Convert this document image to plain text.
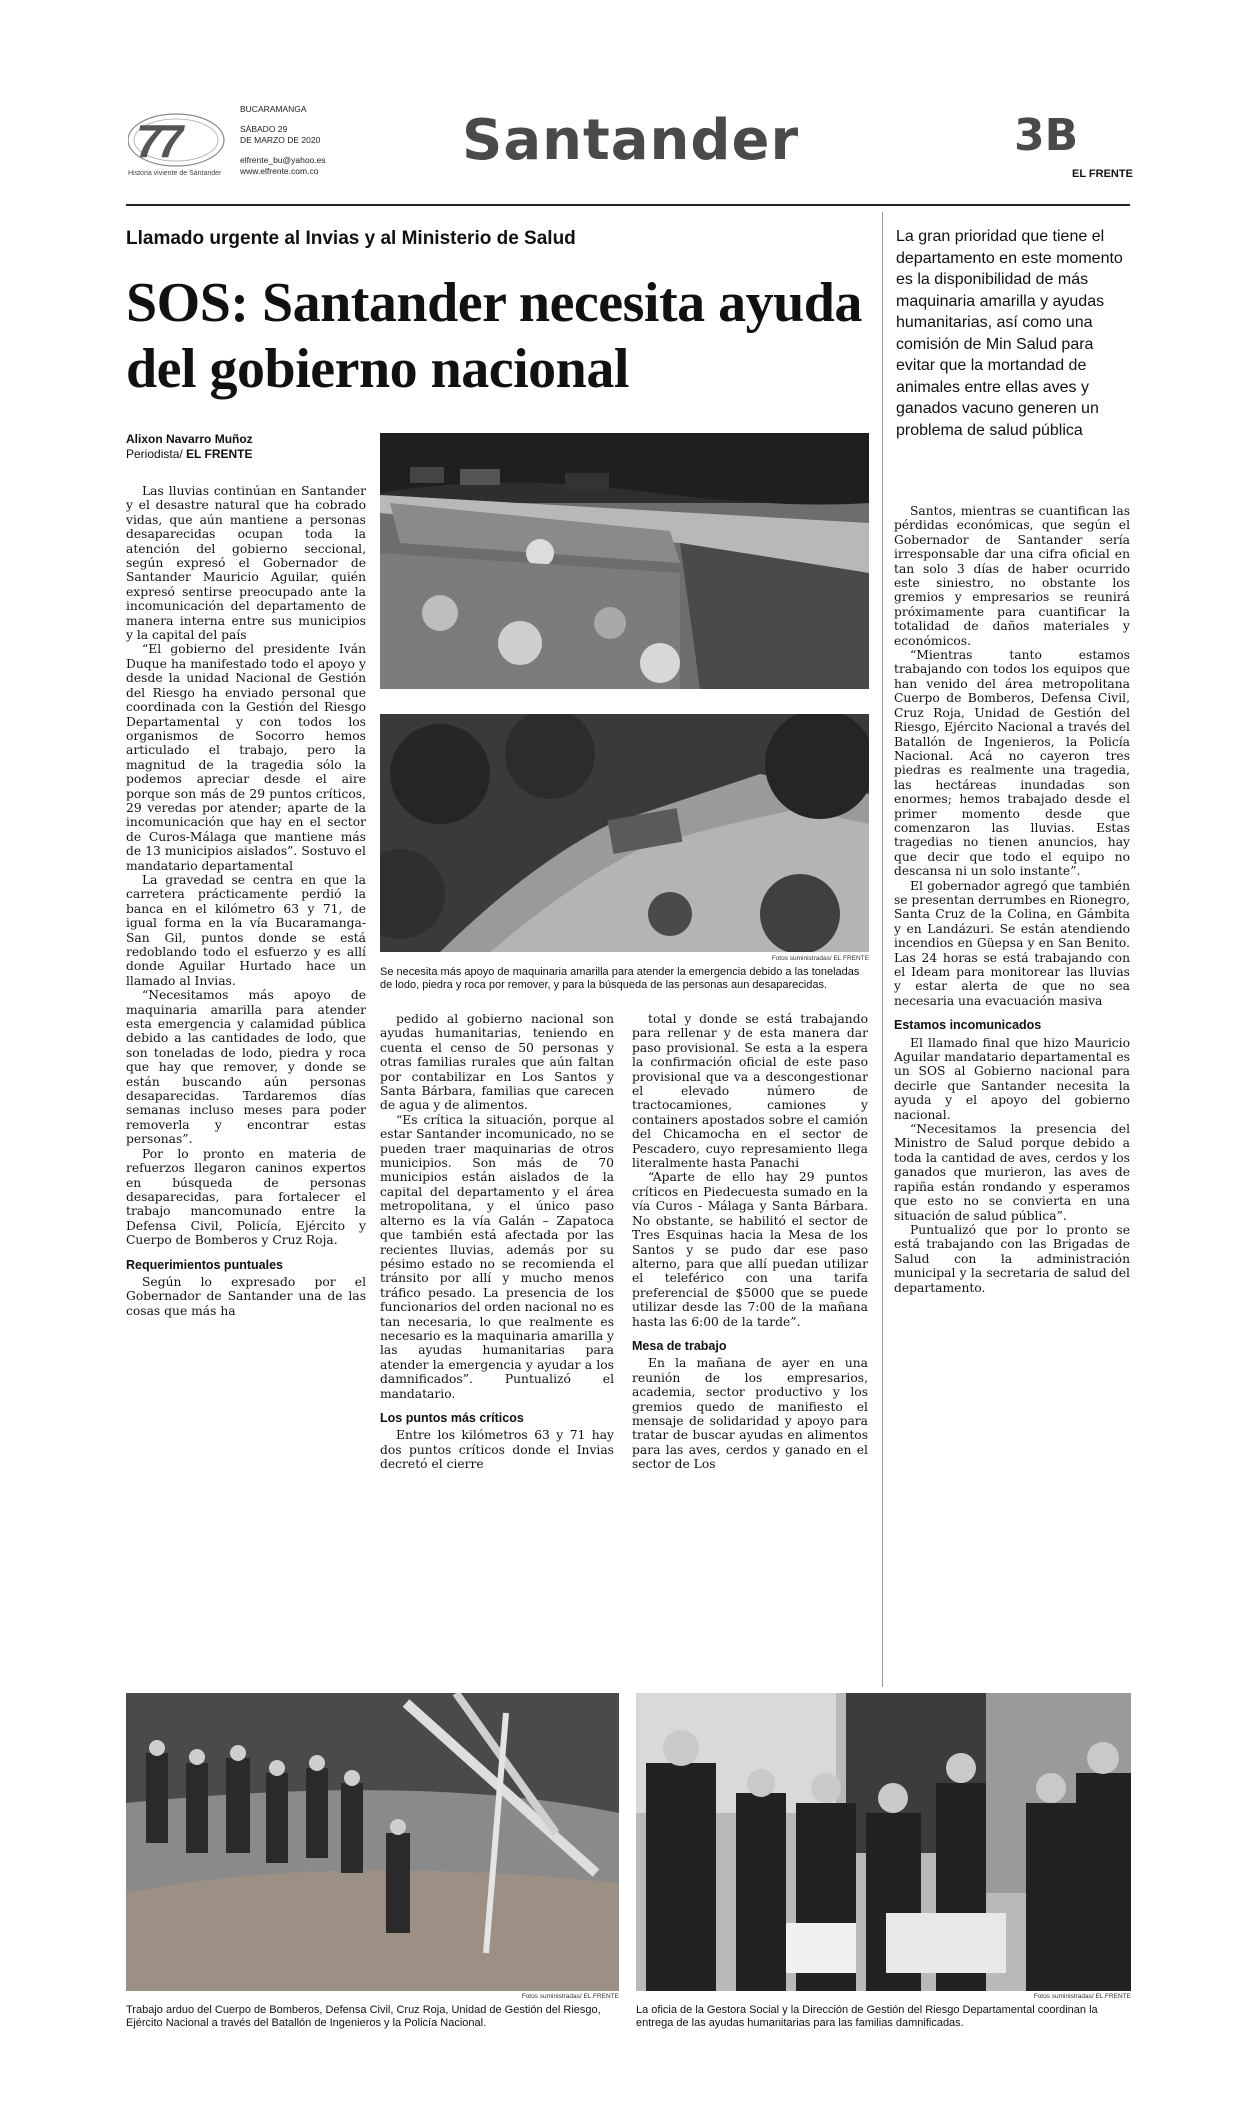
77
Historia viviente de Santander
BUCARAMANGA
SÁBADO 29
DE MARZO DE 2020
elfrente_bu@yahoo.es
www.elfrente.com.co	Santander	3B
EL FRENTE
Llamado urgente al Invias y al Ministerio de Salud
SOS: Santander necesita ayuda del gobierno nacional
La gran prioridad que tiene el departamento en este momento es la disponibilidad de más maquinaria amarilla y ayudas humanitarias, así como una comisión de Min Salud para evitar que la mortandad de animales entre ellas aves y ganados vacuno generen un problema de salud pública
Alixon Navarro Muñoz
Periodista/ EL FRENTE

Las lluvias continúan en Santander y el desastre natural que ha cobrado vidas, que aún mantiene a personas desaparecidas ocupan toda la atención del gobierno seccional, según expresó el Gobernador de Santander Mauricio Aguilar, quién expresó sentirse preocupado ante la incomunicación del departamento de manera interna entre sus municipios y la capital del país

“El gobierno del presidente Iván Duque ha manifestado todo el apoyo y desde la unidad Nacional de Gestión del Riesgo ha enviado personal que coordinada con la Gestión del Riesgo Departamental y con todos los organismos de Socorro hemos articulado el trabajo, pero la magnitud de la tragedia sólo la podemos apreciar desde el aire porque son más de 29 puntos críticos, 29 veredas por atender; aparte de la incomunicación que hay en el sector de Curos-Málaga que mantiene más de 13 municipios aislados”. Sostuvo el mandatario departamental

La gravedad se centra en que la carretera prácticamente perdió la banca en el kilómetro 63 y 71, de igual forma en la vía Bucaramanga-San Gil, puntos donde se está redoblando todo el esfuerzo y es allí donde Aguilar Hurtado hace un llamado al Invias.

“Necesitamos más apoyo de maquinaria amarilla para atender esta emergencia y calamidad pública debido a las cantidades de lodo, que son toneladas de lodo, piedra y roca que hay que remover, y donde se están buscando aún personas desaparecidas. Tardaremos días semanas incluso meses para poder removerla y encontrar estas personas”.

Por lo pronto en materia de refuerzos llegaron caninos expertos en búsqueda de personas desaparecidas, para fortalecer el trabajo mancomunado entre la Defensa Civil, Policía, Ejército y Cuerpo de Bomberos y Cruz Roja.

Requerimientos puntuales

Según lo expresado por el Gobernador de Santander una de las cosas que más ha

Fotos suministradas/ EL FRENTE
Se necesita más apoyo de maquinaria amarilla para atender la emergencia debido a las toneladas de lodo, piedra y roca por remover, y para la búsqueda de las personas aun desaparecidas.

pedido al gobierno nacional son ayudas humanitarias, teniendo en cuenta el censo de 50 personas y otras familias rurales que aún faltan por contabilizar en Los Santos y Santa Bárbara, familias que carecen de agua y de alimentos.

“Es crítica la situación, porque al estar Santander incomunicado, no se pueden traer maquinarias de otros municipios. Son más de 70 municipios están aislados de la capital del departamento y el área metropolitana, y el único paso alterno es la vía Galán – Zapatoca que también está afectada por las recientes lluvias, además por su pésimo estado no se recomienda el tránsito por allí y mucho menos tráfico pesado. La presencia de los funcionarios del orden nacional no es tan necesaria, lo que realmente es necesario es la maquinaria amarilla y las ayudas humanitarias para atender la emergencia y ayudar a los damnificados”. Puntualizó el mandatario.

Los puntos más críticos

Entre los kilómetros 63 y 71 hay dos puntos críticos donde el Invias decretó el cierre

total y donde se está trabajando para rellenar y de esta manera dar paso provisional. Se esta a la espera la confirmación oficial de este paso provisional que va a descongestionar el elevado número de tractocamiones, camiones y containers apostados sobre el camión del Chicamocha en el sector de Pescadero, cuyo represamiento llega literalmente hasta Panachi

“Aparte de ello hay 29 puntos críticos en Piedecuesta sumado en la vía Curos - Málaga y Santa Bárbara. No obstante, se habilitó el sector de Tres Esquinas hacia la Mesa de los Santos y se pudo dar ese paso alterno, para que allí puedan utilizar el teleférico con una tarifa preferencial de $5000 que se puede utilizar desde las 7:00 de la mañana hasta las 6:00 de la tarde”.

Mesa de trabajo

En la mañana de ayer en una reunión de los empresarios, academia, sector productivo y los gremios quedo de manifiesto el mensaje de solidaridad y apoyo para tratar de buscar ayudas en alimentos para las aves, cerdos y ganado en el sector de Los

Santos, mientras se cuantifican las pérdidas económicas, que según el Gobernador de Santander sería irresponsable dar una cifra oficial en tan solo 3 días de haber ocurrido este siniestro, no obstante los gremios y empresarios se reunirá próximamente para cuantificar la totalidad de daños materiales y económicos.

“Mientras tanto estamos trabajando con todos los equipos que han venido del área metropolitana Cuerpo de Bomberos, Defensa Civil, Cruz Roja, Unidad de Gestión del Riesgo, Ejército Nacional a través del Batallón de Ingenieros, la Policía Nacional. Acá no cayeron tres piedras es realmente una tragedia, las hectáreas inundadas son enormes; hemos trabajado desde el primer momento desde que comenzaron las lluvias. Estas tragedias no tienen anuncios, hay que decir que todo el equipo no descansa ni un solo instante”.

El gobernador agregó que también se presentan derrumbes en Rionegro, Santa Cruz de la Colina, en Gámbita y en Landázuri. Se están atendiendo incendios en Güepsa y en San Benito. Las 24 horas se está trabajando con el Ideam para monitorear las lluvias y estar alerta de que no sea necesaria una evacuación masiva

Estamos incomunicados

El llamado final que hizo Mauricio Aguilar mandatario departamental es un SOS al Gobierno nacional para decirle que Santander necesita la ayuda y el apoyo del gobierno nacional.

“Necesitamos la presencia del Ministro de Salud porque debido a toda la cantidad de aves, cerdos y los ganados que murieron, las aves de rapiña están rondando y esperamos que esto no se convierta en una situación de salud pública”.

Puntualizó que por lo pronto se está trabajando con las Brigadas de Salud con la administración municipal y la secretaria de salud del departamento.

Fotos suministradas/ EL FRENTE
Trabajo arduo del Cuerpo de Bomberos, Defensa Civil, Cruz Roja, Unidad de Gestión del Riesgo, Ejército Nacional a través del Batallón de Ingenieros y la Policía Nacional.
Fotos suministradas/ EL FRENTE
La oficia de la Gestora Social y la Dirección de Gestión del Riesgo Departamental coordinan la entrega de las ayudas humanitarias para las familias damnificadas.
